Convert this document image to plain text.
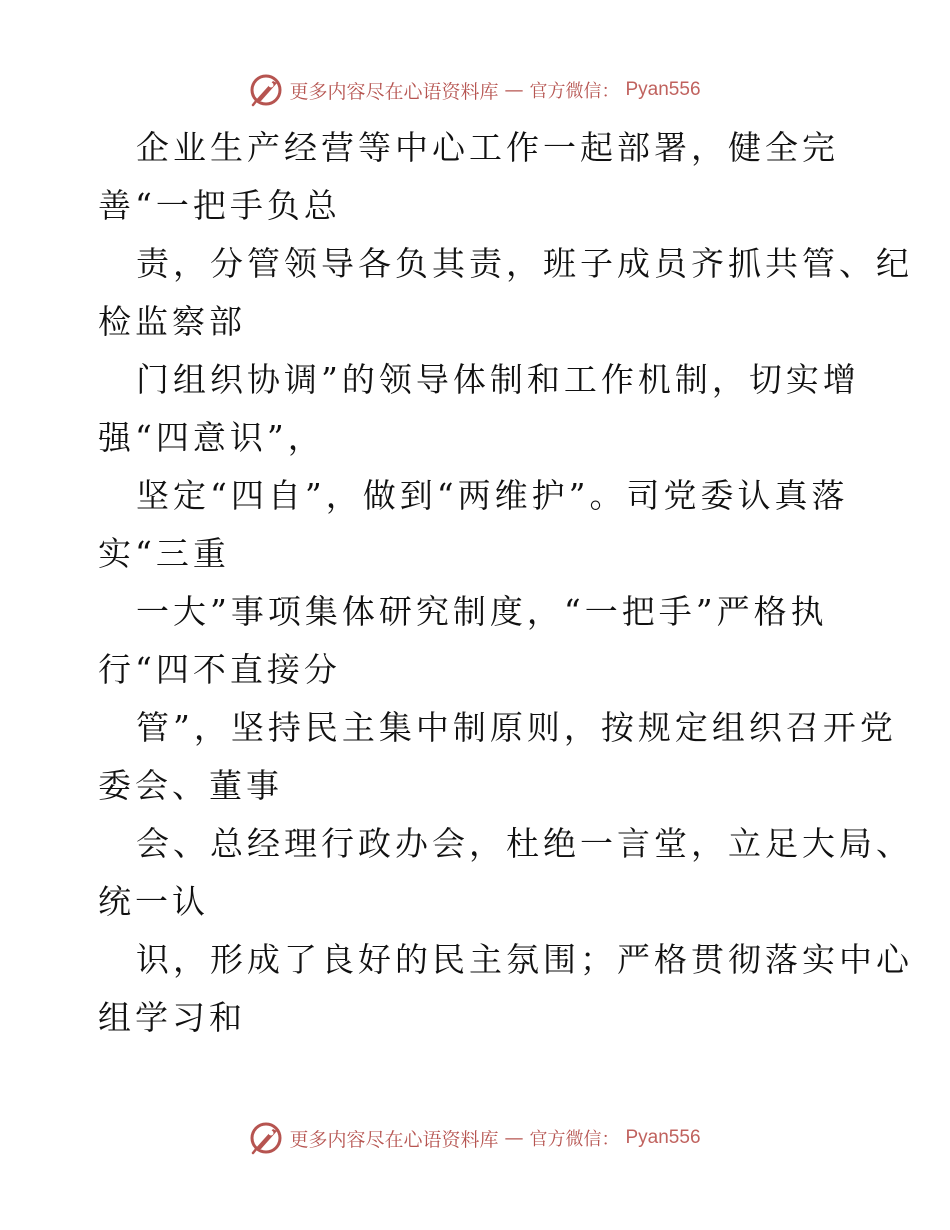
更多内容尽在心语资料库 — 官方微信： Pyan556
企业生产经营等中心工作一起部署，健全完
善“一把手负总
责，分管领导各负其责，班子成员齐抓共管、纪
检监察部
门组织协调”的领导体制和工作机制，切实增
强“四意识”，
坚定“四自”，做到“两维护”。司党委认真落
实“三重
一大”事项集体研究制度，“一把手”严格执
行“四不直接分
管”，坚持民主集中制原则，按规定组织召开党
委会、董事
会、总经理行政办会，杜绝一言堂，立足大局、
统一认
识，形成了良好的民主氛围；严格贯彻落实中心
组学习和
更多内容尽在心语资料库 — 官方微信： Pyan556
